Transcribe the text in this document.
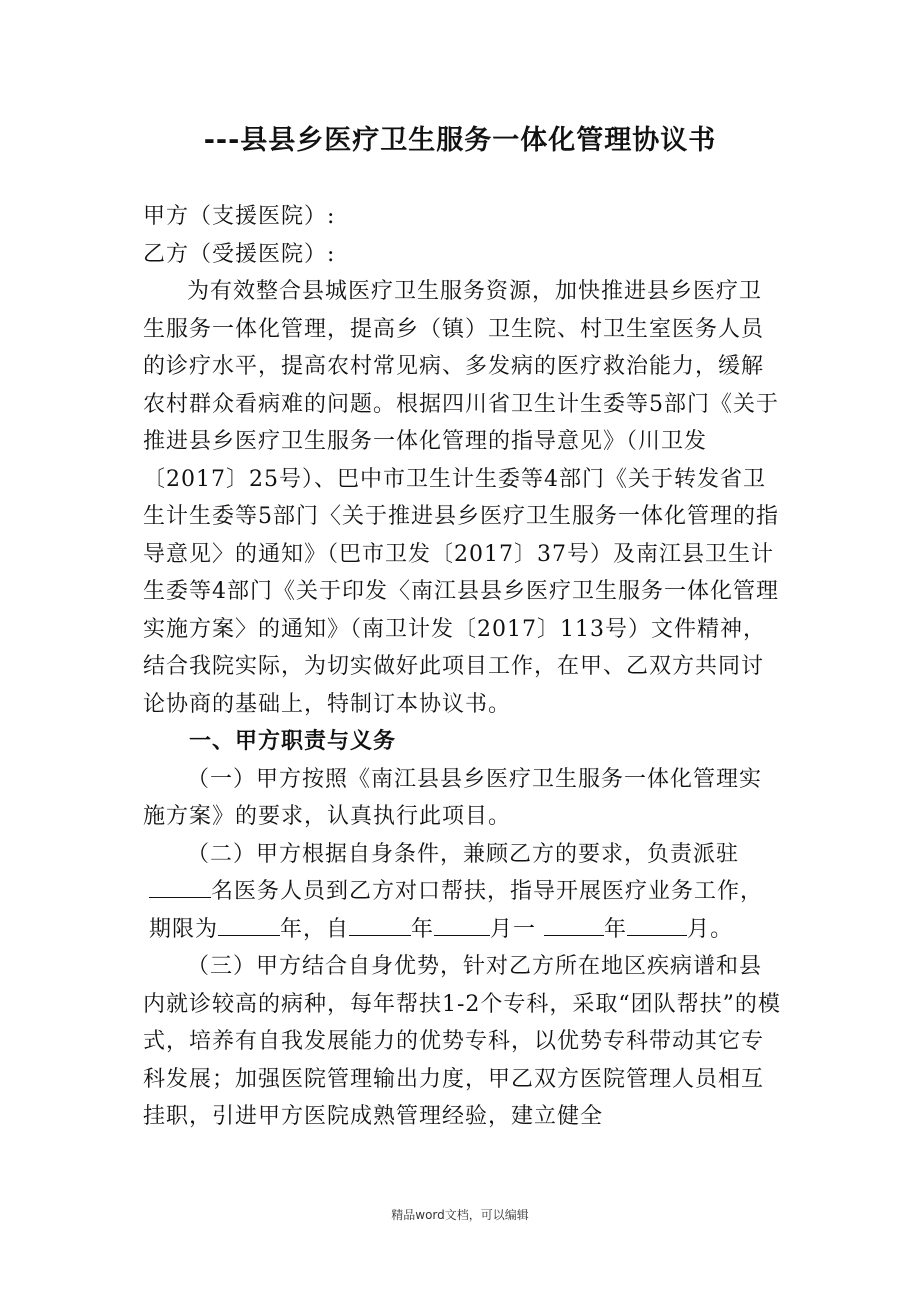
---县县乡医疗卫生服务一体化管理协议书

甲方（支援医院）:

乙方（受援医院）:

为有效整合县城医疗卫生服务资源，加快推进县乡医疗卫生服务一体化管理，提高乡（镇）卫生院、村卫生室医务人员的诊疗水平，提高农村常见病、多发病的医疗救治能力，缓解农村群众看病难的问题。根据四川省卫生计生委等5部门《关于推进县乡医疗卫生服务一体化管理的指导意见》（川卫发〔2017〕25号）、巴中市卫生计生委等4部门《关于转发省卫生计生委等5部门〈关于推进县乡医疗卫生服务一体化管理的指导意见〉的通知》（巴市卫发〔2017〕37号）及南江县卫生计生委等4部门《关于印发〈南江县县乡医疗卫生服务一体化管理实施方案〉的通知》（南卫计发〔2017〕113号）文件精神，结合我院实际，为切实做好此项目工作，在甲、乙双方共同讨论协商的基础上，特制订本协议书。

一、甲方职责与义务

（一）甲方按照《南江县县乡医疗卫生服务一体化管理实施方案》的要求，认真执行此项目。

（二）甲方根据自身条件，兼顾乙方的要求，负责派驻
名医务人员到乙方对口帮扶，指导开展医疗业务工作，
期限为	年，自	年	月一	年	月。

（三）甲方结合自身优势，针对乙方所在地区疾病谱和县内就诊较高的病种，每年帮扶1-2个专科，采取“团队帮扶”的模式，培养有自我发展能力的优势专科，以优势专科带动其它专科发展；加强医院管理输出力度，甲乙双方医院管理人员相互挂职，引进甲方医院成熟管理经验，建立健全

精品word文档，可以编辑
